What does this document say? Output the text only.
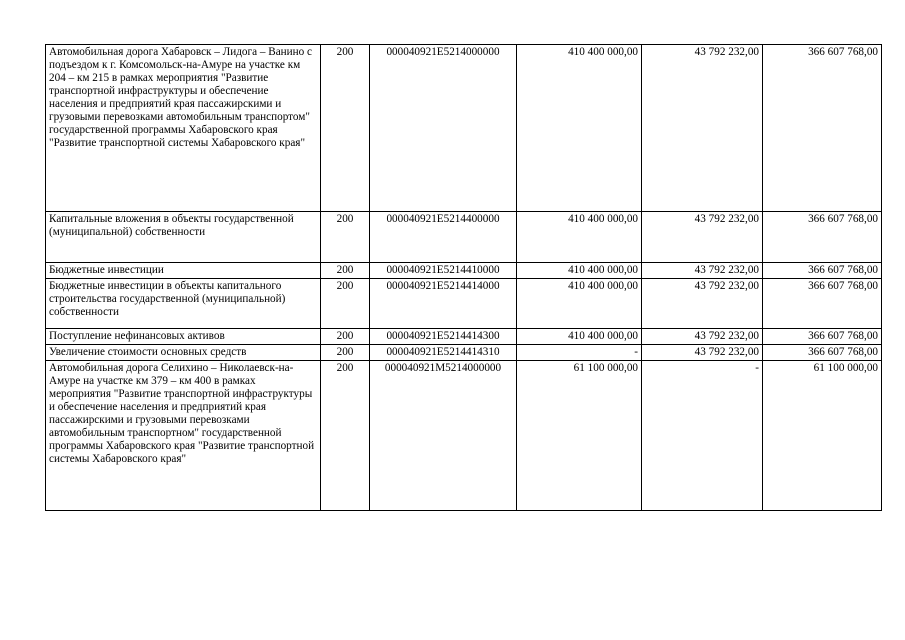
Автомобильная дорога Хабаровск – Лидога – Ванино с подъездом к г. Комсомольск-на-Амуре на участке км 204 – км 215 в рамках мероприятия "Развитие транспортной инфраструктуры и обеспечение населения и предприятий края пассажирскими и грузовыми перевозками автомобильным транспортом" государственной программы Хабаровского края "Развитие транспортной системы Хабаровского края"	200	000040921E5214000000	410 400 000,00	43 792 232,00	366 607 768,00
Капитальные вложения в объекты государственной (муниципальной) собственности	200	000040921E5214400000	410 400 000,00	43 792 232,00	366 607 768,00
Бюджетные инвестиции	200	000040921E5214410000	410 400 000,00	43 792 232,00	366 607 768,00
Бюджетные инвестиции в объекты капитального строительства государственной (муниципальной) собственности	200	000040921E5214414000	410 400 000,00	43 792 232,00	366 607 768,00
Поступление нефинансовых активов	200	000040921E5214414300	410 400 000,00	43 792 232,00	366 607 768,00
Увеличение стоимости основных средств	200	000040921E5214414310	-	43 792 232,00	366 607 768,00
Автомобильная дорога Селихино – Николаевск-на-Амуре на участке км 379 – км 400 в рамках мероприятия "Развитие транспортной инфраструктуры и обеспечение населения и предприятий края пассажирскими и грузовыми перевозками автомобильным транспортном" государственной программы Хабаровского края "Развитие транспортной системы Хабаровского края"	200	000040921M5214000000	61 100 000,00	-	61 100 000,00
